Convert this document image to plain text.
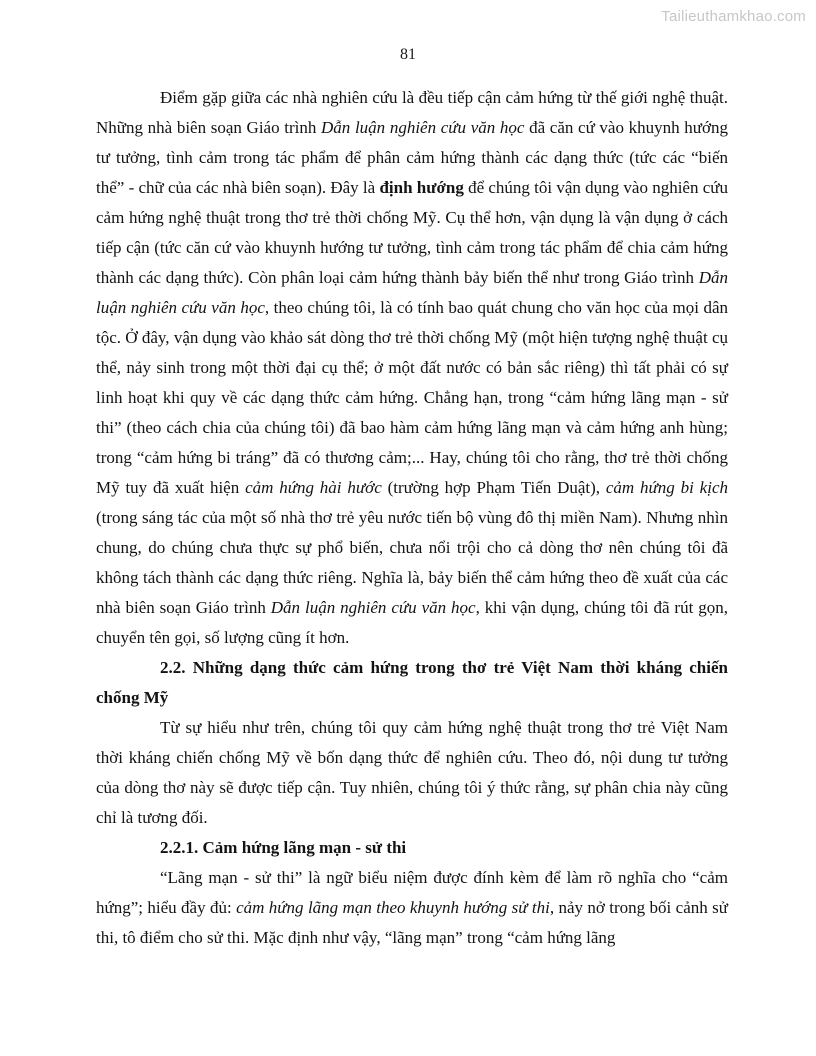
Tailieuthamkhao.com
81

Điểm gặp giữa các nhà nghiên cứu là đều tiếp cận cảm hứng từ thế giới nghệ thuật. Những nhà biên soạn Giáo trình Dẫn luận nghiên cứu văn học đã căn cứ vào khuynh hướng tư tưởng, tình cảm trong tác phẩm để phân cảm hứng thành các dạng thức (tức các “biến thể” - chữ của các nhà biên soạn). Đây là định hướng để chúng tôi vận dụng vào nghiên cứu cảm hứng nghệ thuật trong thơ trẻ thời chống Mỹ. Cụ thể hơn, vận dụng là vận dụng ở cách tiếp cận (tức căn cứ vào khuynh hướng tư tưởng, tình cảm trong tác phẩm để chia cảm hứng thành các dạng thức). Còn phân loại cảm hứng thành bảy biến thể như trong Giáo trình Dẫn luận nghiên cứu văn học, theo chúng tôi, là có tính bao quát chung cho văn học của mọi dân tộc. Ở đây, vận dụng vào khảo sát dòng thơ trẻ thời chống Mỹ (một hiện tượng nghệ thuật cụ thể, nảy sinh trong một thời đại cụ thể; ở một đất nước có bản sắc riêng) thì tất phải có sự linh hoạt khi quy về các dạng thức cảm hứng. Chẳng hạn, trong “cảm hứng lãng mạn - sử thi” (theo cách chia của chúng tôi) đã bao hàm cảm hứng lãng mạn và cảm hứng anh hùng; trong “cảm hứng bi tráng” đã có thương cảm;... Hay, chúng tôi cho rằng, thơ trẻ thời chống Mỹ tuy đã xuất hiện cảm hứng hài hước (trường hợp Phạm Tiến Duật), cảm hứng bi kịch (trong sáng tác của một số nhà thơ trẻ yêu nước tiến bộ vùng đô thị miền Nam). Nhưng nhìn chung, do chúng chưa thực sự phổ biến, chưa nổi trội cho cả dòng thơ nên chúng tôi đã không tách thành các dạng thức riêng. Nghĩa là, bảy biến thể cảm hứng theo đề xuất của các nhà biên soạn Giáo trình Dẫn luận nghiên cứu văn học, khi vận dụng, chúng tôi đã rút gọn, chuyển tên gọi, số lượng cũng ít hơn.

2.2. Những dạng thức cảm hứng trong thơ trẻ Việt Nam thời kháng chiến chống Mỹ

Từ sự hiểu như trên, chúng tôi quy cảm hứng nghệ thuật trong thơ trẻ Việt Nam thời kháng chiến chống Mỹ về bốn dạng thức để nghiên cứu. Theo đó, nội dung tư tưởng của dòng thơ này sẽ được tiếp cận. Tuy nhiên, chúng tôi ý thức rằng, sự phân chia này cũng chỉ là tương đối.

2.2.1. Cảm hứng lãng mạn - sử thi

“Lãng mạn - sử thi” là ngữ biểu niệm được đính kèm để làm rõ nghĩa cho “cảm hứng”; hiểu đầy đủ: cảm hứng lãng mạn theo khuynh hướng sử thi, nảy nở trong bối cảnh sử thi, tô điểm cho sử thi. Mặc định như vậy, “lãng mạn” trong “cảm hứng lãng
